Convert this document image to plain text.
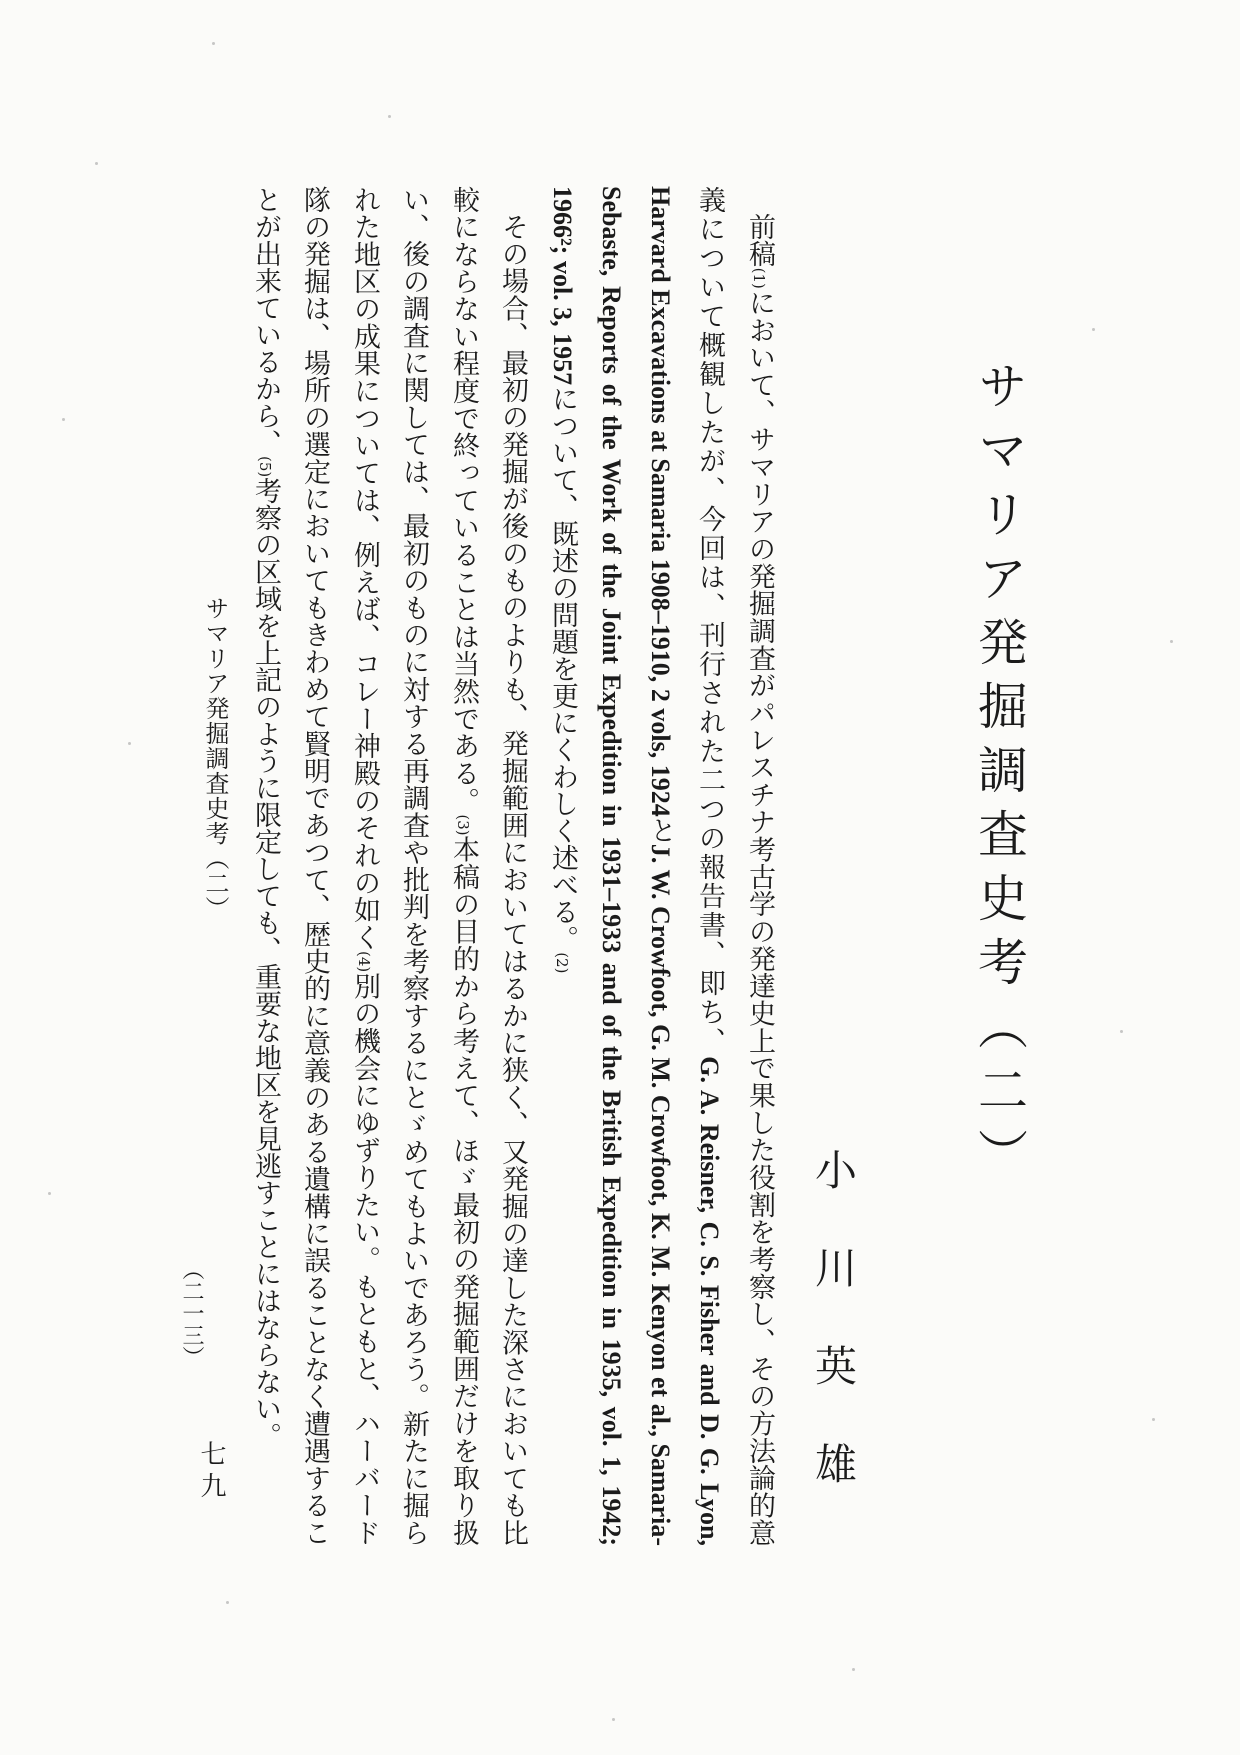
サマリア発掘調査史考（二）
小川英雄

前稿(1)において、サマリアの発掘調査がパレスチナ考古学の発達史上で果した役割を考察し、その方法論的意義について概観したが、今回は、刊行された二つの報告書、即ち、G. A. Reisner, C. S. Fisher and D. G. Lyon, Harvard Excavations at Samaria 1908–1910, 2 vols, 1924とJ. W. Crowfoot, G. M. Crowfoot, K. M. Kenyon et al., Samaria-Sebaste, Reports of the Work of the Joint Expedition in 1931–1933 and of the British Expedition in 1935, vol. 1, 1942; 1966²; vol. 3, 1957について、既述の問題を更にくわしく述べる。(2)

その場合、最初の発掘が後のものよりも、発掘範囲においてはるかに狭く、又発掘の達した深さにおいても比較にならない程度で終っていることは当然である。(3)本稿の目的から考えて、ほゞ最初の発掘範囲だけを取り扱い、後の調査に関しては、最初のものに対する再調査や批判を考察するにとゞめてもよいであろう。新たに掘られた地区の成果については、例えば、コレー神殿のそれの如く(4)別の機会にゆずりたい。もともと、ハーバード隊の発掘は、場所の選定においてもきわめて賢明であつて、歴史的に意義のある遺構に誤ることなく遭遇することが出来ているから、(5)考察の区域を上記のように限定しても、重要な地区を見逃すことにはならない。

サマリア発掘調査史考（二）
（二一三）
七九
